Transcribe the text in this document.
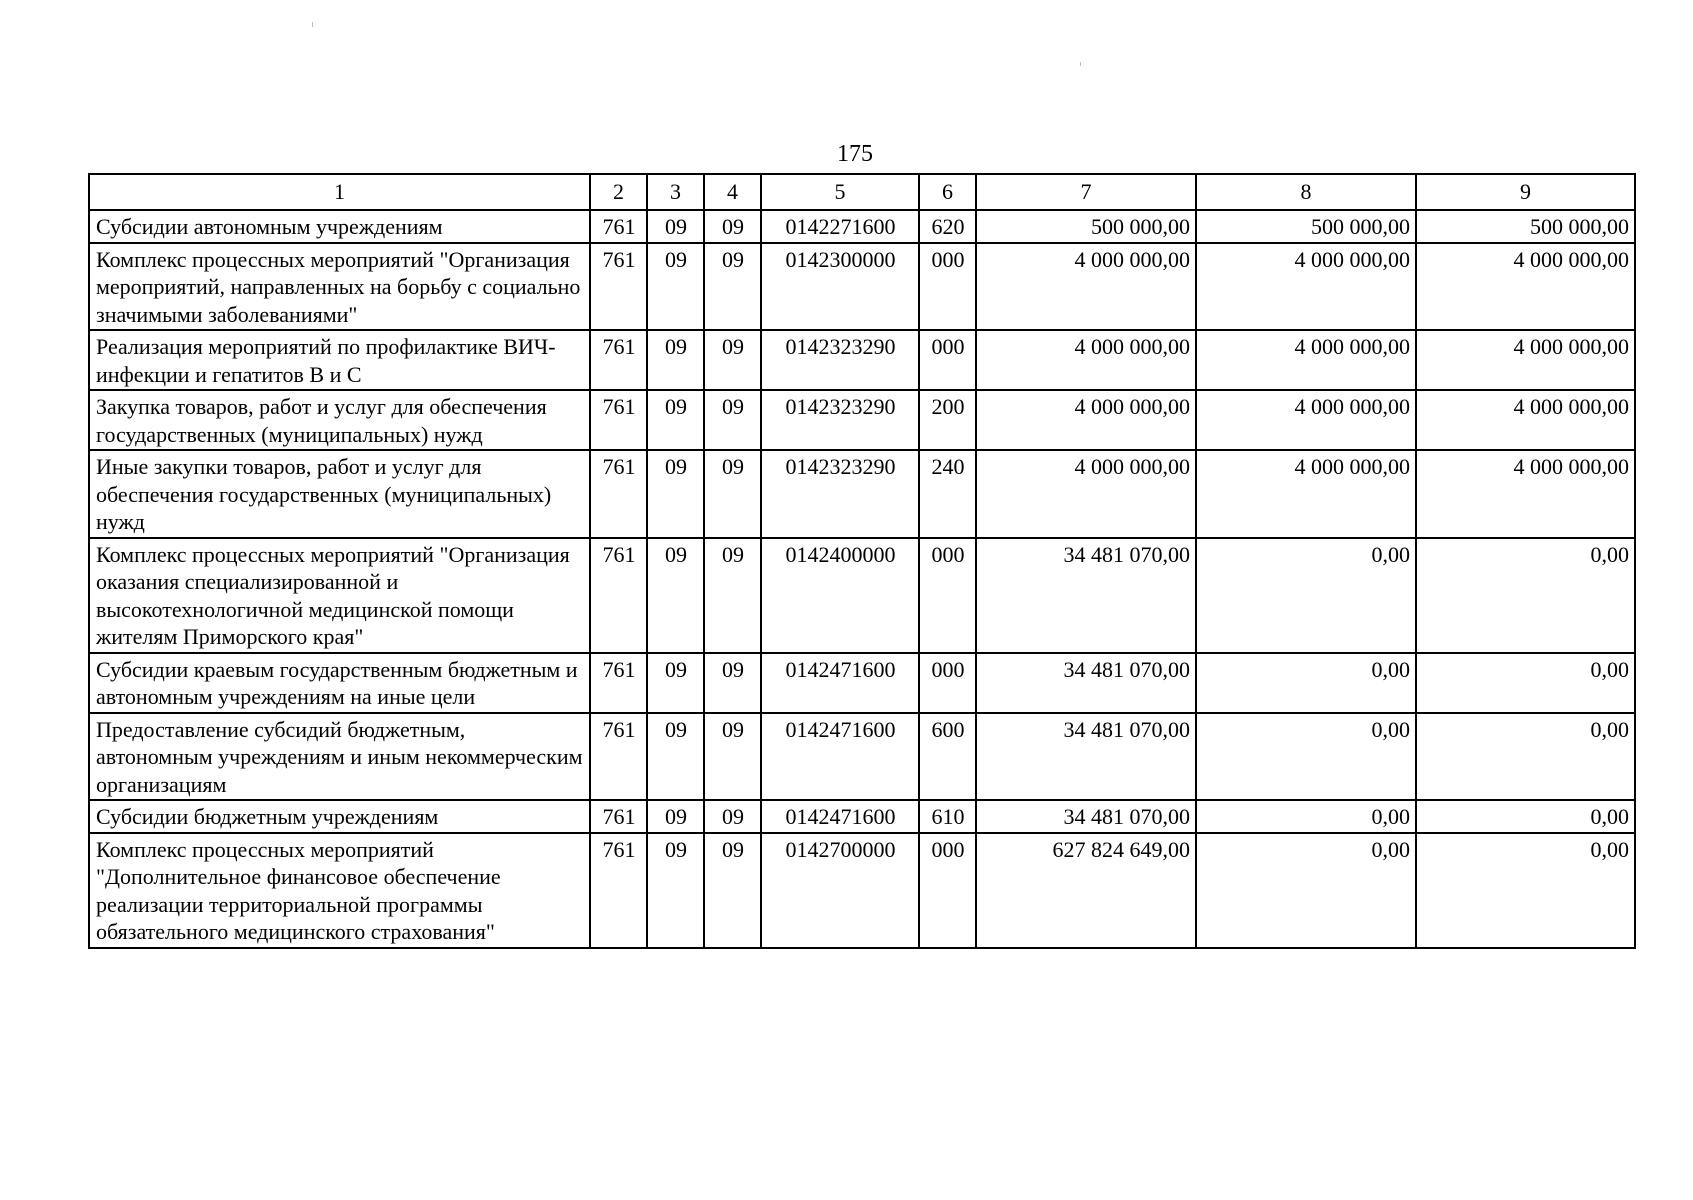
175
1	2	3	4	5	6	7	8	9
Субсидии автономным учреждениям	761	09	09	0142271600	620	500 000,00	500 000,00	500 000,00
Комплекс процессных мероприятий "Организация мероприятий, направленных на борьбу с социально значимыми заболеваниями"	761	09	09	0142300000	000	4 000 000,00	4 000 000,00	4 000 000,00
Реализация мероприятий по профилактике ВИЧ-инфекции и гепатитов В и С	761	09	09	0142323290	000	4 000 000,00	4 000 000,00	4 000 000,00
Закупка товаров, работ и услуг для обеспечения государственных (муниципальных) нужд	761	09	09	0142323290	200	4 000 000,00	4 000 000,00	4 000 000,00
Иные закупки товаров, работ и услуг для обеспечения государственных (муниципальных) нужд	761	09	09	0142323290	240	4 000 000,00	4 000 000,00	4 000 000,00
Комплекс процессных мероприятий "Организация оказания специализированной и высокотехнологичной медицинской помощи жителям Приморского края"	761	09	09	0142400000	000	34 481 070,00	0,00	0,00
Субсидии краевым государственным бюджетным и автономным учреждениям на иные цели	761	09	09	0142471600	000	34 481 070,00	0,00	0,00
Предоставление субсидий бюджетным, автономным учреждениям и иным некоммерческим организациям	761	09	09	0142471600	600	34 481 070,00	0,00	0,00
Субсидии бюджетным учреждениям	761	09	09	0142471600	610	34 481 070,00	0,00	0,00
Комплекс процессных мероприятий "Дополнительное финансовое обеспечение реализации территориальной программы обязательного медицинского страхования"	761	09	09	0142700000	000	627 824 649,00	0,00	0,00
